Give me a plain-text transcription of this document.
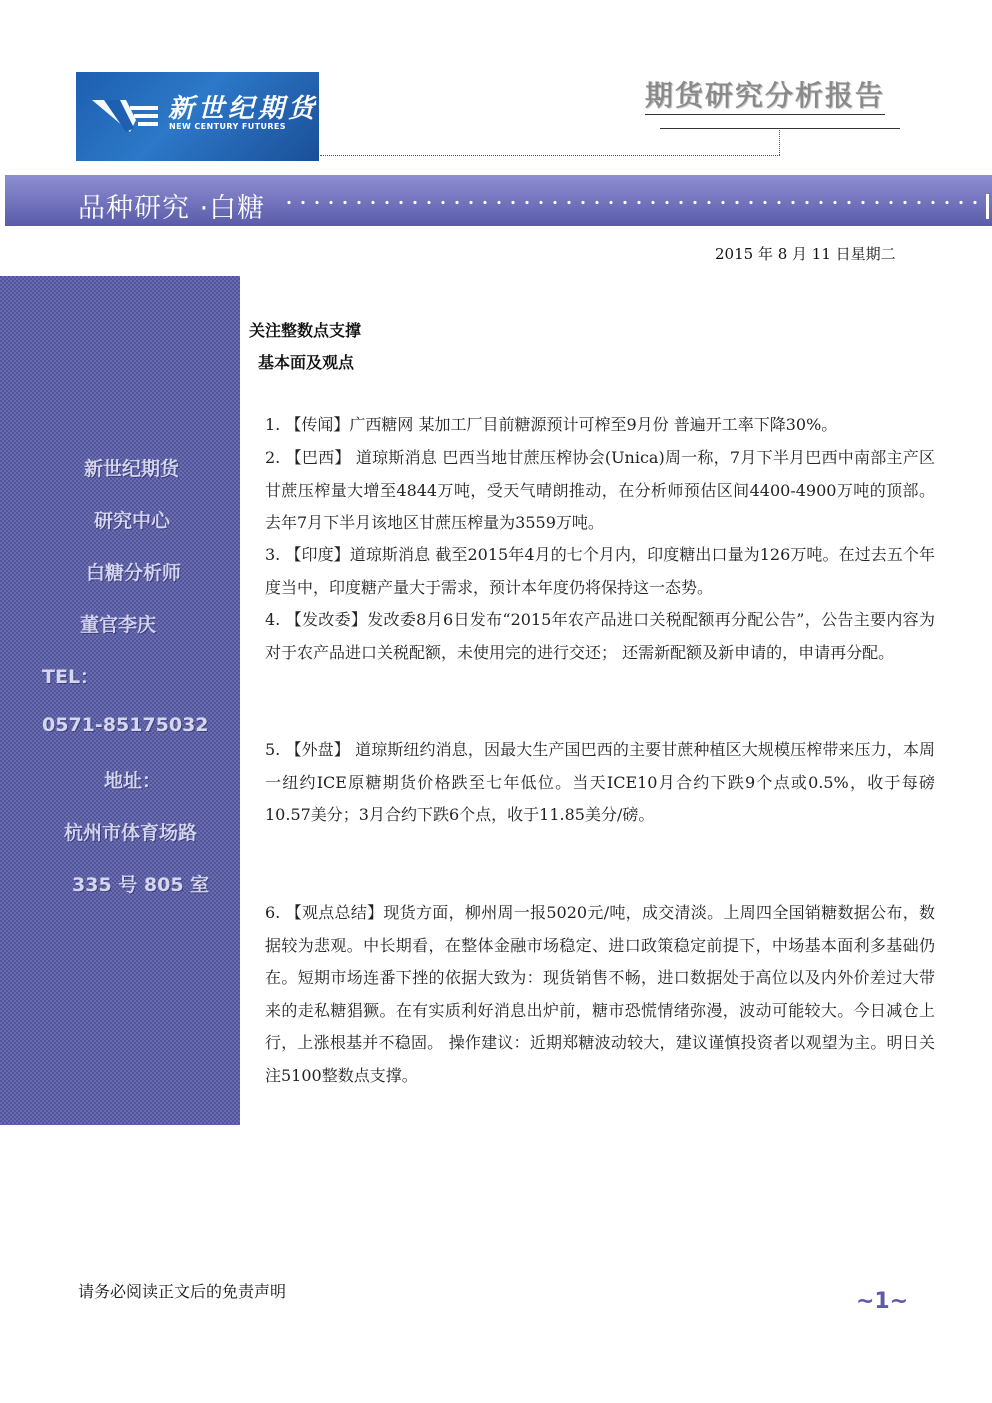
新世纪期货
NEW CENTURY FUTURES
期货研究分析报告
品种研究 ·白糖
2015 年 8 月 11 日星期二
新世纪期货
研究中心
白糖分析师
董官李庆
TEL：
0571-85175032
地址：
杭州市体育场路
335 号 805 室
关注整数点支撑
基本面及观点

1. 【传闻】广西糖网 某加工厂目前糖源预计可榨至9月份 普遍开工率下降30%。

2. 【巴西】 道琼斯消息 巴西当地甘蔗压榨协会(Unica)周一称，7月下半月巴西中南部主产区甘蔗压榨量大增至4844万吨，受天气晴朗推动，在分析师预估区间4400-4900万吨的顶部。去年7月下半月该地区甘蔗压榨量为3559万吨。

3. 【印度】道琼斯消息 截至2015年4月的七个月内，印度糖出口量为126万吨。在过去五个年度当中，印度糖产量大于需求，预计本年度仍将保持这一态势。

4. 【发改委】发改委8月6日发布“2015年农产品进口关税配额再分配公告”，公告主要内容为对于农产品进口关税配额，未使用完的进行交还； 还需新配额及新申请的，申请再分配。

5. 【外盘】 道琼斯纽约消息，因最大生产国巴西的主要甘蔗种植区大规模压榨带来压力，本周一纽约ICE原糖期货价格跌至七年低位。当天ICE10月合约下跌9个点或0.5%，收于每磅10.57美分；3月合约下跌6个点，收于11.85美分/磅。

6. 【观点总结】现货方面，柳州周一报5020元/吨，成交清淡。上周四全国销糖数据公布，数据较为悲观。中长期看，在整体金融市场稳定、进口政策稳定前提下，中场基本面利多基础仍在。短期市场连番下挫的依据大致为：现货销售不畅，进口数据处于高位以及内外价差过大带来的走私糖猖獗。在有实质利好消息出炉前，糖市恐慌情绪弥漫，波动可能较大。今日减仓上行，上涨根基并不稳固。 操作建议：近期郑糖波动较大，建议谨慎投资者以观望为主。明日关注5100整数点支撑。

请务必阅读正文后的免责声明	~1~
